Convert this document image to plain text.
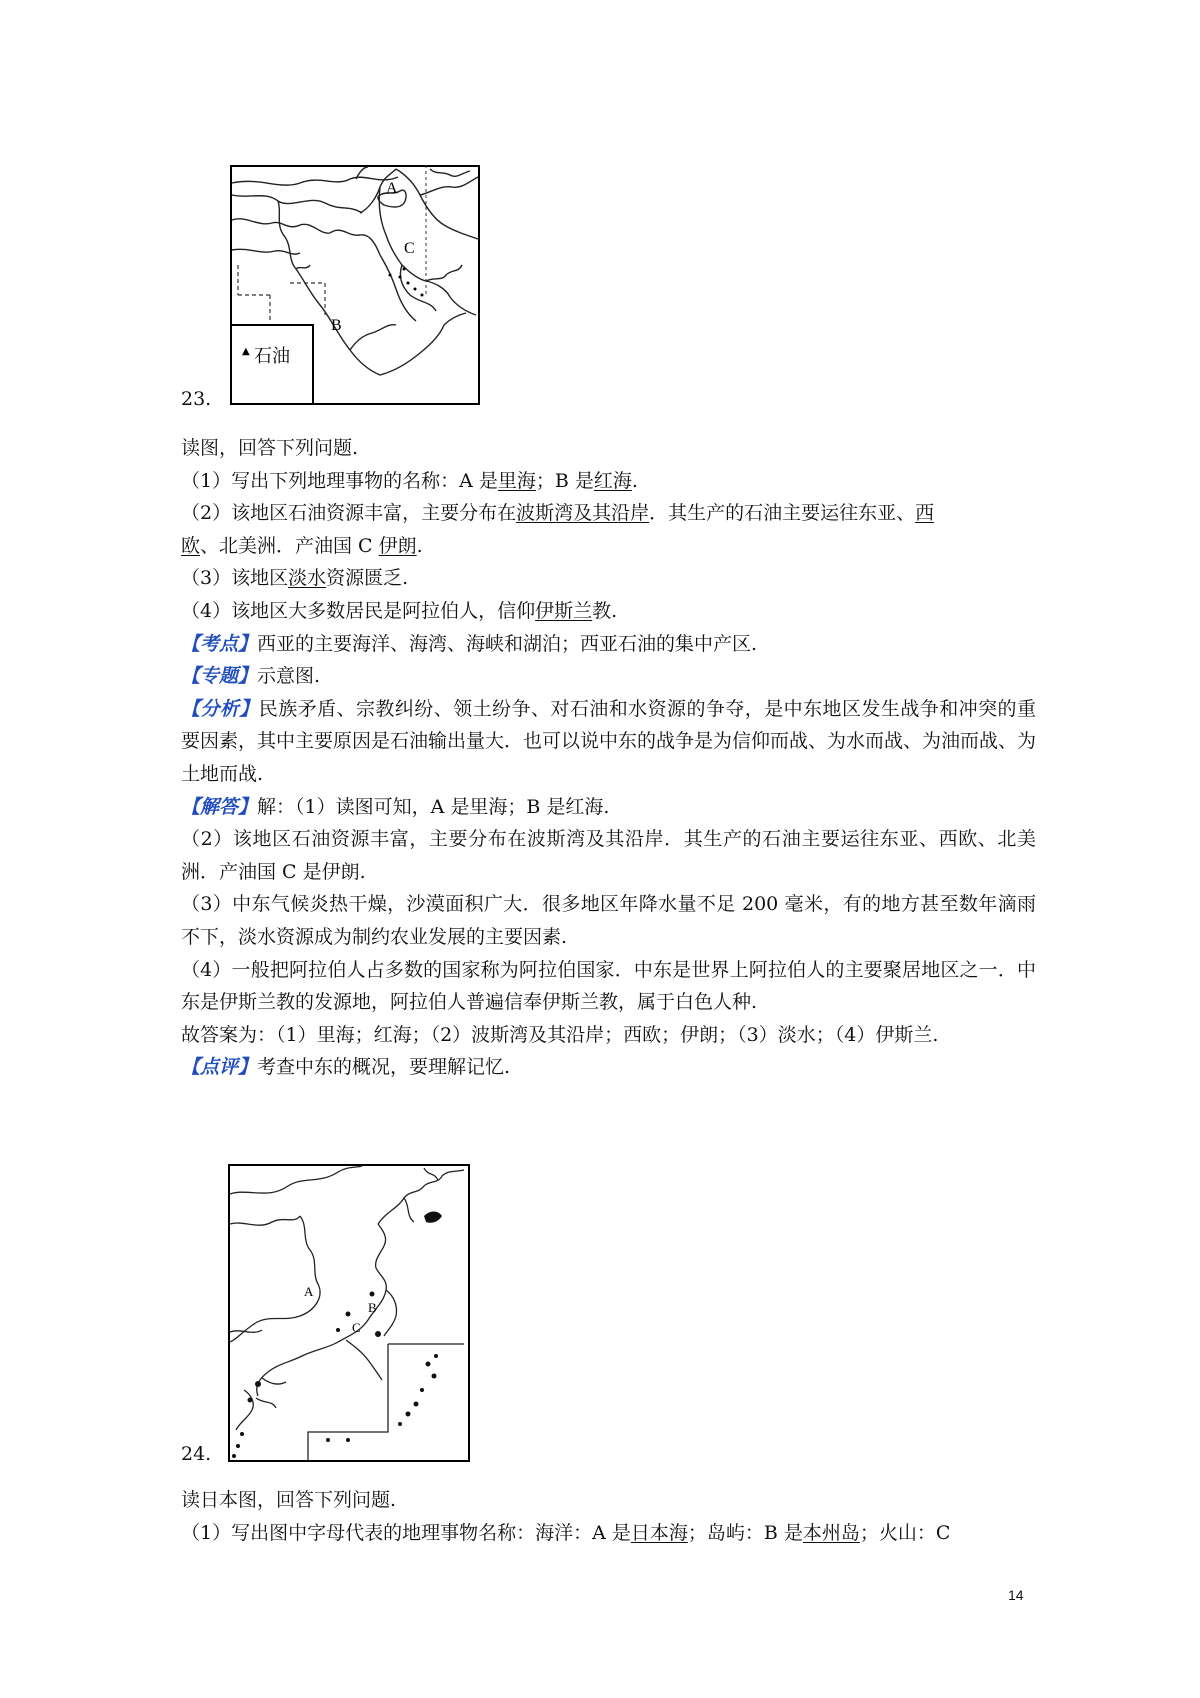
A
B
C
▲ 石油
23.

读图，回答下列问题.

（1）写出下列地理事物的名称：A 是里海；B 是红海.

（2）该地区石油资源丰富，主要分布在波斯湾及其沿岸．其生产的石油主要运往东亚、西

欧、北美洲．产油国 C 伊朗.

（3）该地区淡水资源匮乏.

（4）该地区大多数居民是阿拉伯人，信仰伊斯兰教.

【考点】西亚的主要海洋、海湾、海峡和湖泊；西亚石油的集中产区.

【专题】示意图.

【分析】民族矛盾、宗教纠纷、领土纷争、对石油和水资源的争夺，是中东地区发生战争和冲突的重要因素，其中主要原因是石油输出量大．也可以说中东的战争是为信仰而战、为水而战、为油而战、为土地而战.

【解答】解：（1）读图可知，A 是里海；B 是红海.

（2）该地区石油资源丰富，主要分布在波斯湾及其沿岸．其生产的石油主要运往东亚、西欧、北美洲．产油国 C 是伊朗.

（3）中东气候炎热干燥，沙漠面积广大．很多地区年降水量不足 200 毫米，有的地方甚至数年滴雨不下，淡水资源成为制约农业发展的主要因素.

（4）一般把阿拉伯人占多数的国家称为阿拉伯国家．中东是世界上阿拉伯人的主要聚居地区之一．中东是伊斯兰教的发源地，阿拉伯人普遍信奉伊斯兰教，属于白色人种.

故答案为：（1）里海；红海；（2）波斯湾及其沿岸；西欧；伊朗；（3）淡水；（4）伊斯兰.

【点评】考查中东的概况，要理解记忆.

A
B
C
24.

读日本图，回答下列问题.

（1）写出图中字母代表的地理事物名称：海洋：A 是日本海；岛屿：B 是本州岛；火山：C

14
